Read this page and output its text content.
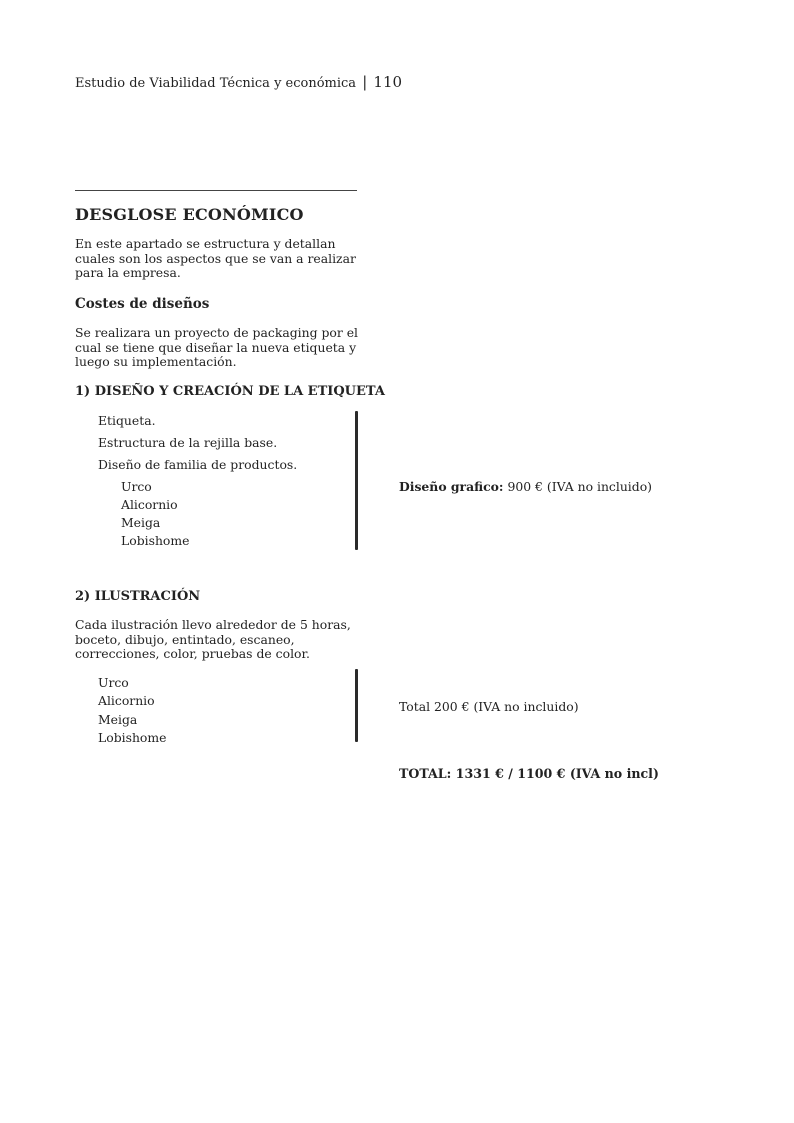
Estudio de Viabilidad Técnica y económica | 110
DESGLOSE ECONÓMICO
En este apartado se estructura y detallan cuales son los aspectos que se van a realizar para la empresa.
Costes de diseños
Se realizara un proyecto de packaging por el cual se tiene que diseñar la nueva etiqueta y luego su implementación.
1) DISEÑO Y CREACIÓN DE LA ETIQUETA
Etiqueta.
Estructura de la rejilla base.
Diseño de familia de productos.
Urco
Alicornio
Meiga
Lobishome
Diseño grafico: 900 € (IVA no incluido)
2) ILUSTRACIÓN
Cada ilustración llevo alrededor de 5 horas, boceto, dibujo, entintado, escaneo, correcciones, color, pruebas de color.
Urco
Alicornio
Meiga
Lobishome
Total 200 € (IVA no incluido)
TOTAL: 1331 € / 1100 € (IVA no incl)
